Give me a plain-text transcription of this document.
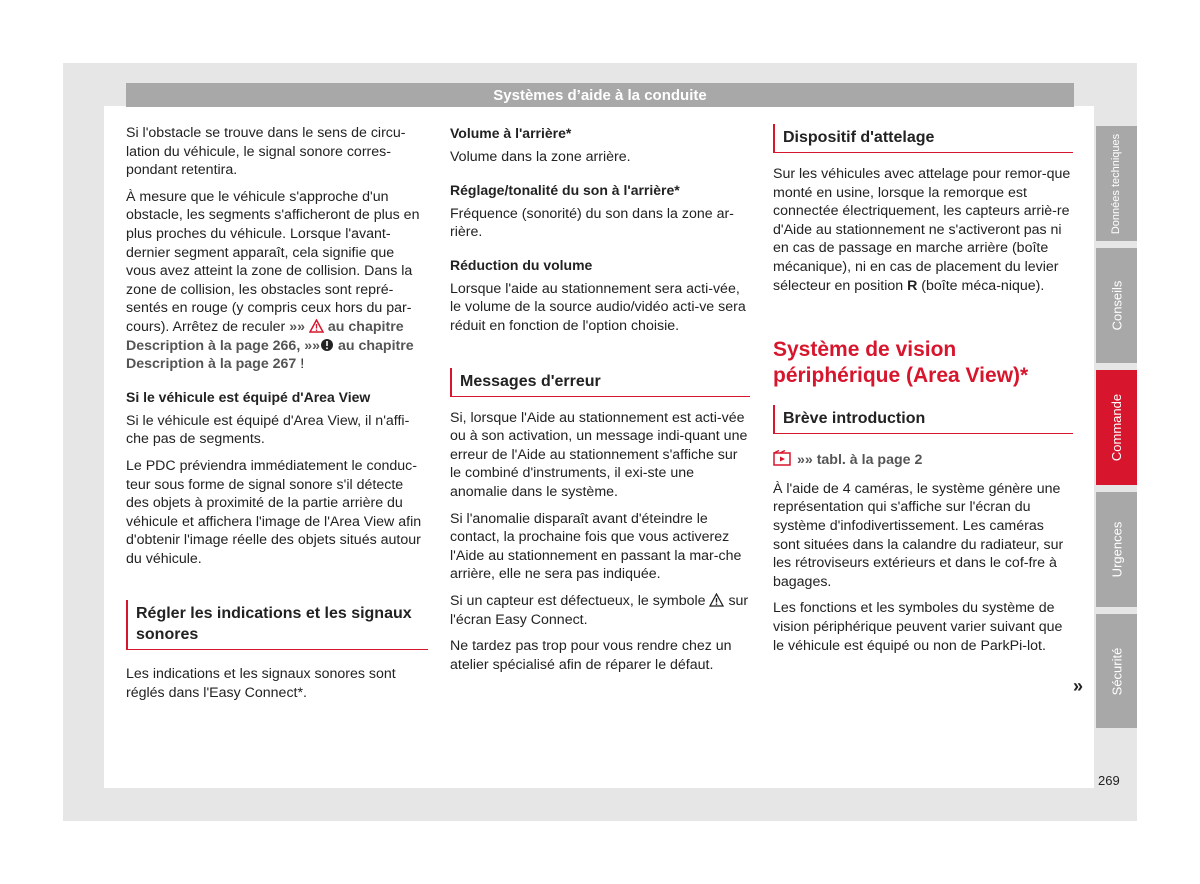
Systèmes d’aide à la conduite

Si l'obstacle se trouve dans le sens de circu-lation du véhicule, le signal sonore corres-pondant retentira.

À mesure que le véhicule s'approche d'un obstacle, les segments s'afficheront de plus en plus proches du véhicule. Lorsque l'avant-dernier segment apparaît, cela signifie que vous avez atteint la zone de collision. Dans la zone de collision, les obstacles sont repré-sentés en rouge (y compris ceux hors du par-cours). Arrêtez de reculer »» au chapitre Description à la page 266, »» au chapitre Description à la page 267 !

Si le véhicule est équipé d'Area View

Si le véhicule est équipé d'Area View, il n'affi-che pas de segments.

Le PDC préviendra immédiatement le conduc-teur sous forme de signal sonore s'il détecte des objets à proximité de la partie arrière du véhicule et affichera l'image de l'Area View afin d'obtenir l'image réelle des objets situés autour du véhicule.

Régler les indications et les signaux sonores

Les indications et les signaux sonores sont réglés dans l'Easy Connect*.

Volume à l'arrière*

Volume dans la zone arrière.

Réglage/tonalité du son à l'arrière*

Fréquence (sonorité) du son dans la zone ar-rière.

Réduction du volume

Lorsque l'aide au stationnement sera acti-vée, le volume de la source audio/vidéo acti-ve sera réduit en fonction de l'option choisie.

Messages d'erreur

Si, lorsque l'Aide au stationnement est acti-vée ou à son activation, un message indi-quant une erreur de l'Aide au stationnement s'affiche sur le combiné d'instruments, il exi-ste une anomalie dans le système.

Si l'anomalie disparaît avant d'éteindre le contact, la prochaine fois que vous activerez l'Aide au stationnement en passant la mar-che arrière, elle ne sera pas indiquée.

Si un capteur est défectueux, le symbole sur l'écran Easy Connect.

Ne tardez pas trop pour vous rendre chez un atelier spécialisé afin de réparer le défaut.

Dispositif d'attelage

Sur les véhicules avec attelage pour remor-que monté en usine, lorsque la remorque est connectée électriquement, les capteurs arriè-re d'Aide au stationnement ne s'activeront pas ni en cas de passage en marche arrière (boîte mécanique), ni en cas de placement du levier sélecteur en position R (boîte méca-nique).

Système de vision périphérique (Area View)*
Brève introduction

»» tabl. à la page 2

À l'aide de 4 caméras, le système génère une représentation qui s'affiche sur l'écran du système d'infodivertissement. Les caméras sont situées dans la calandre du radiateur, sur les rétroviseurs extérieurs et dans le cof-fre à bagages.

Les fonctions et les symboles du système de vision périphérique peuvent varier suivant que le véhicule est équipé ou non de ParkPi-lot.

»
Données techniques
Conseils
Commande
Urgences
Sécurité
269
